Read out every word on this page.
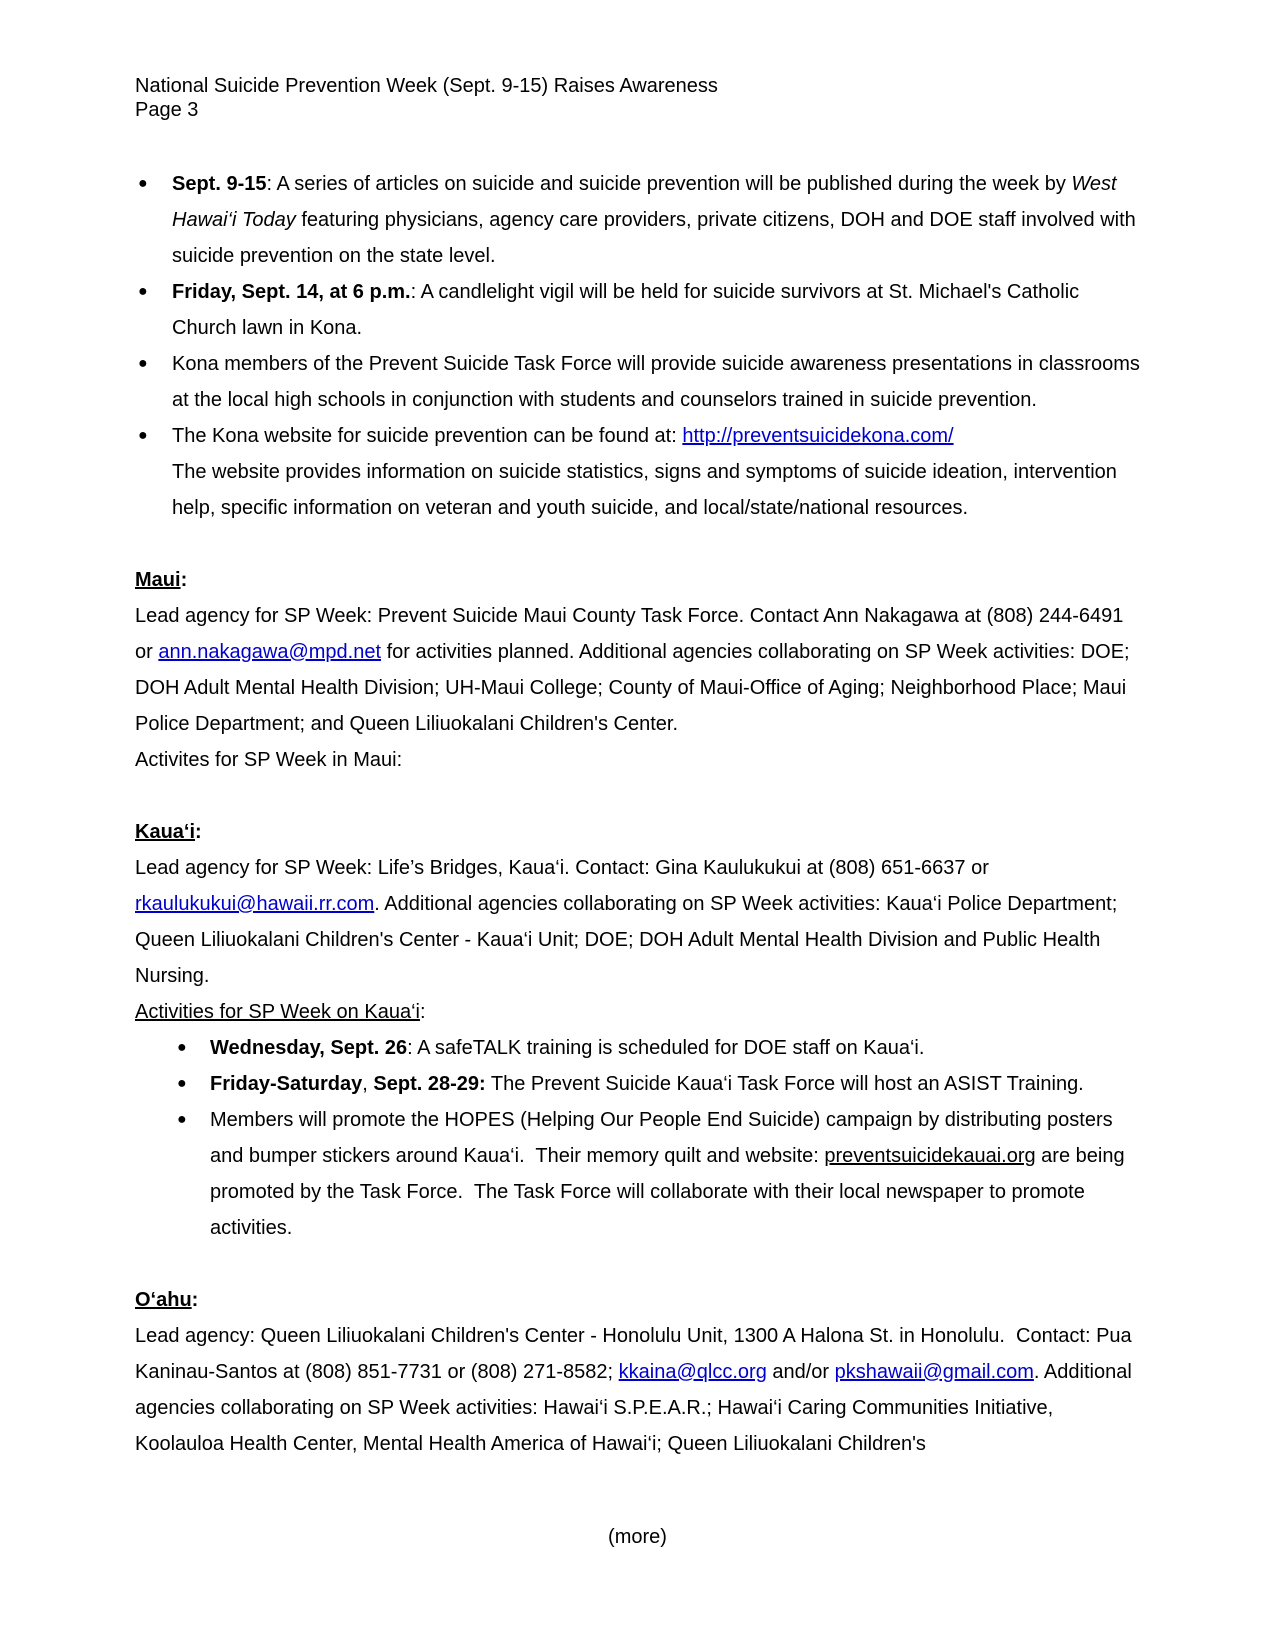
National Suicide Prevention Week (Sept. 9-15) Raises Awareness
Page 3
● Sept. 9-15: A series of articles on suicide and suicide prevention will be published during the week by West Hawai‘i Today featuring physicians, agency care providers, private citizens, DOH and DOE staff involved with suicide prevention on the state level.
● Friday, Sept. 14, at 6 p.m.: A candlelight vigil will be held for suicide survivors at St. Michael's Catholic Church lawn in Kona.
● Kona members of the Prevent Suicide Task Force will provide suicide awareness presentations in classrooms at the local high schools in conjunction with students and counselors trained in suicide prevention.
● The Kona website for suicide prevention can be found at: http://preventsuicidekona.com/
The website provides information on suicide statistics, signs and symptoms of suicide ideation, intervention help, specific information on veteran and youth suicide, and local/state/national resources.

Maui:

Lead agency for SP Week: Prevent Suicide Maui County Task Force. Contact Ann Nakagawa at (808) 244-6491 or ann.nakagawa@mpd.net for activities planned. Additional agencies collaborating on SP Week activities: DOE; DOH Adult Mental Health Division; UH-Maui College; County of Maui-Office of Aging; Neighborhood Place; Maui Police Department; and Queen Liliuokalani Children's Center.

Activites for SP Week in Maui:

Kaua‘i:

Lead agency for SP Week: Life’s Bridges, Kaua‘i. Contact: Gina Kaulukukui at (808) 651-6637 or rkaulukukui@hawaii.rr.com. Additional agencies collaborating on SP Week activities: Kaua‘i Police Department; Queen Liliuokalani Children's Center - Kaua‘i Unit; DOE; DOH Adult Mental Health Division and Public Health Nursing.

Activities for SP Week on Kaua‘i:

● Wednesday, Sept. 26: A safeTALK training is scheduled for DOE staff on Kaua‘i.
● Friday-Saturday, Sept. 28-29: The Prevent Suicide Kaua‘i Task Force will host an ASIST Training.
● Members will promote the HOPES (Helping Our People End Suicide) campaign by distributing posters and bumper stickers around Kaua‘i.  Their memory quilt and website: preventsuicidekauai.org are being promoted by the Task Force.  The Task Force will collaborate with their local newspaper to promote activities.

O‘ahu:

Lead agency: Queen Liliuokalani Children's Center - Honolulu Unit, 1300 A Halona St. in Honolulu.  Contact: Pua Kaninau-Santos at (808) 851-7731 or (808) 271-8582; kkaina@qlcc.org and/or pkshawaii@gmail.com. Additional agencies collaborating on SP Week activities: Hawai‘i S.P.E.A.R.; Hawai‘i Caring Communities Initiative, Koolauloa Health Center, Mental Health America of Hawai‘i; Queen Liliuokalani Children's

(more)
